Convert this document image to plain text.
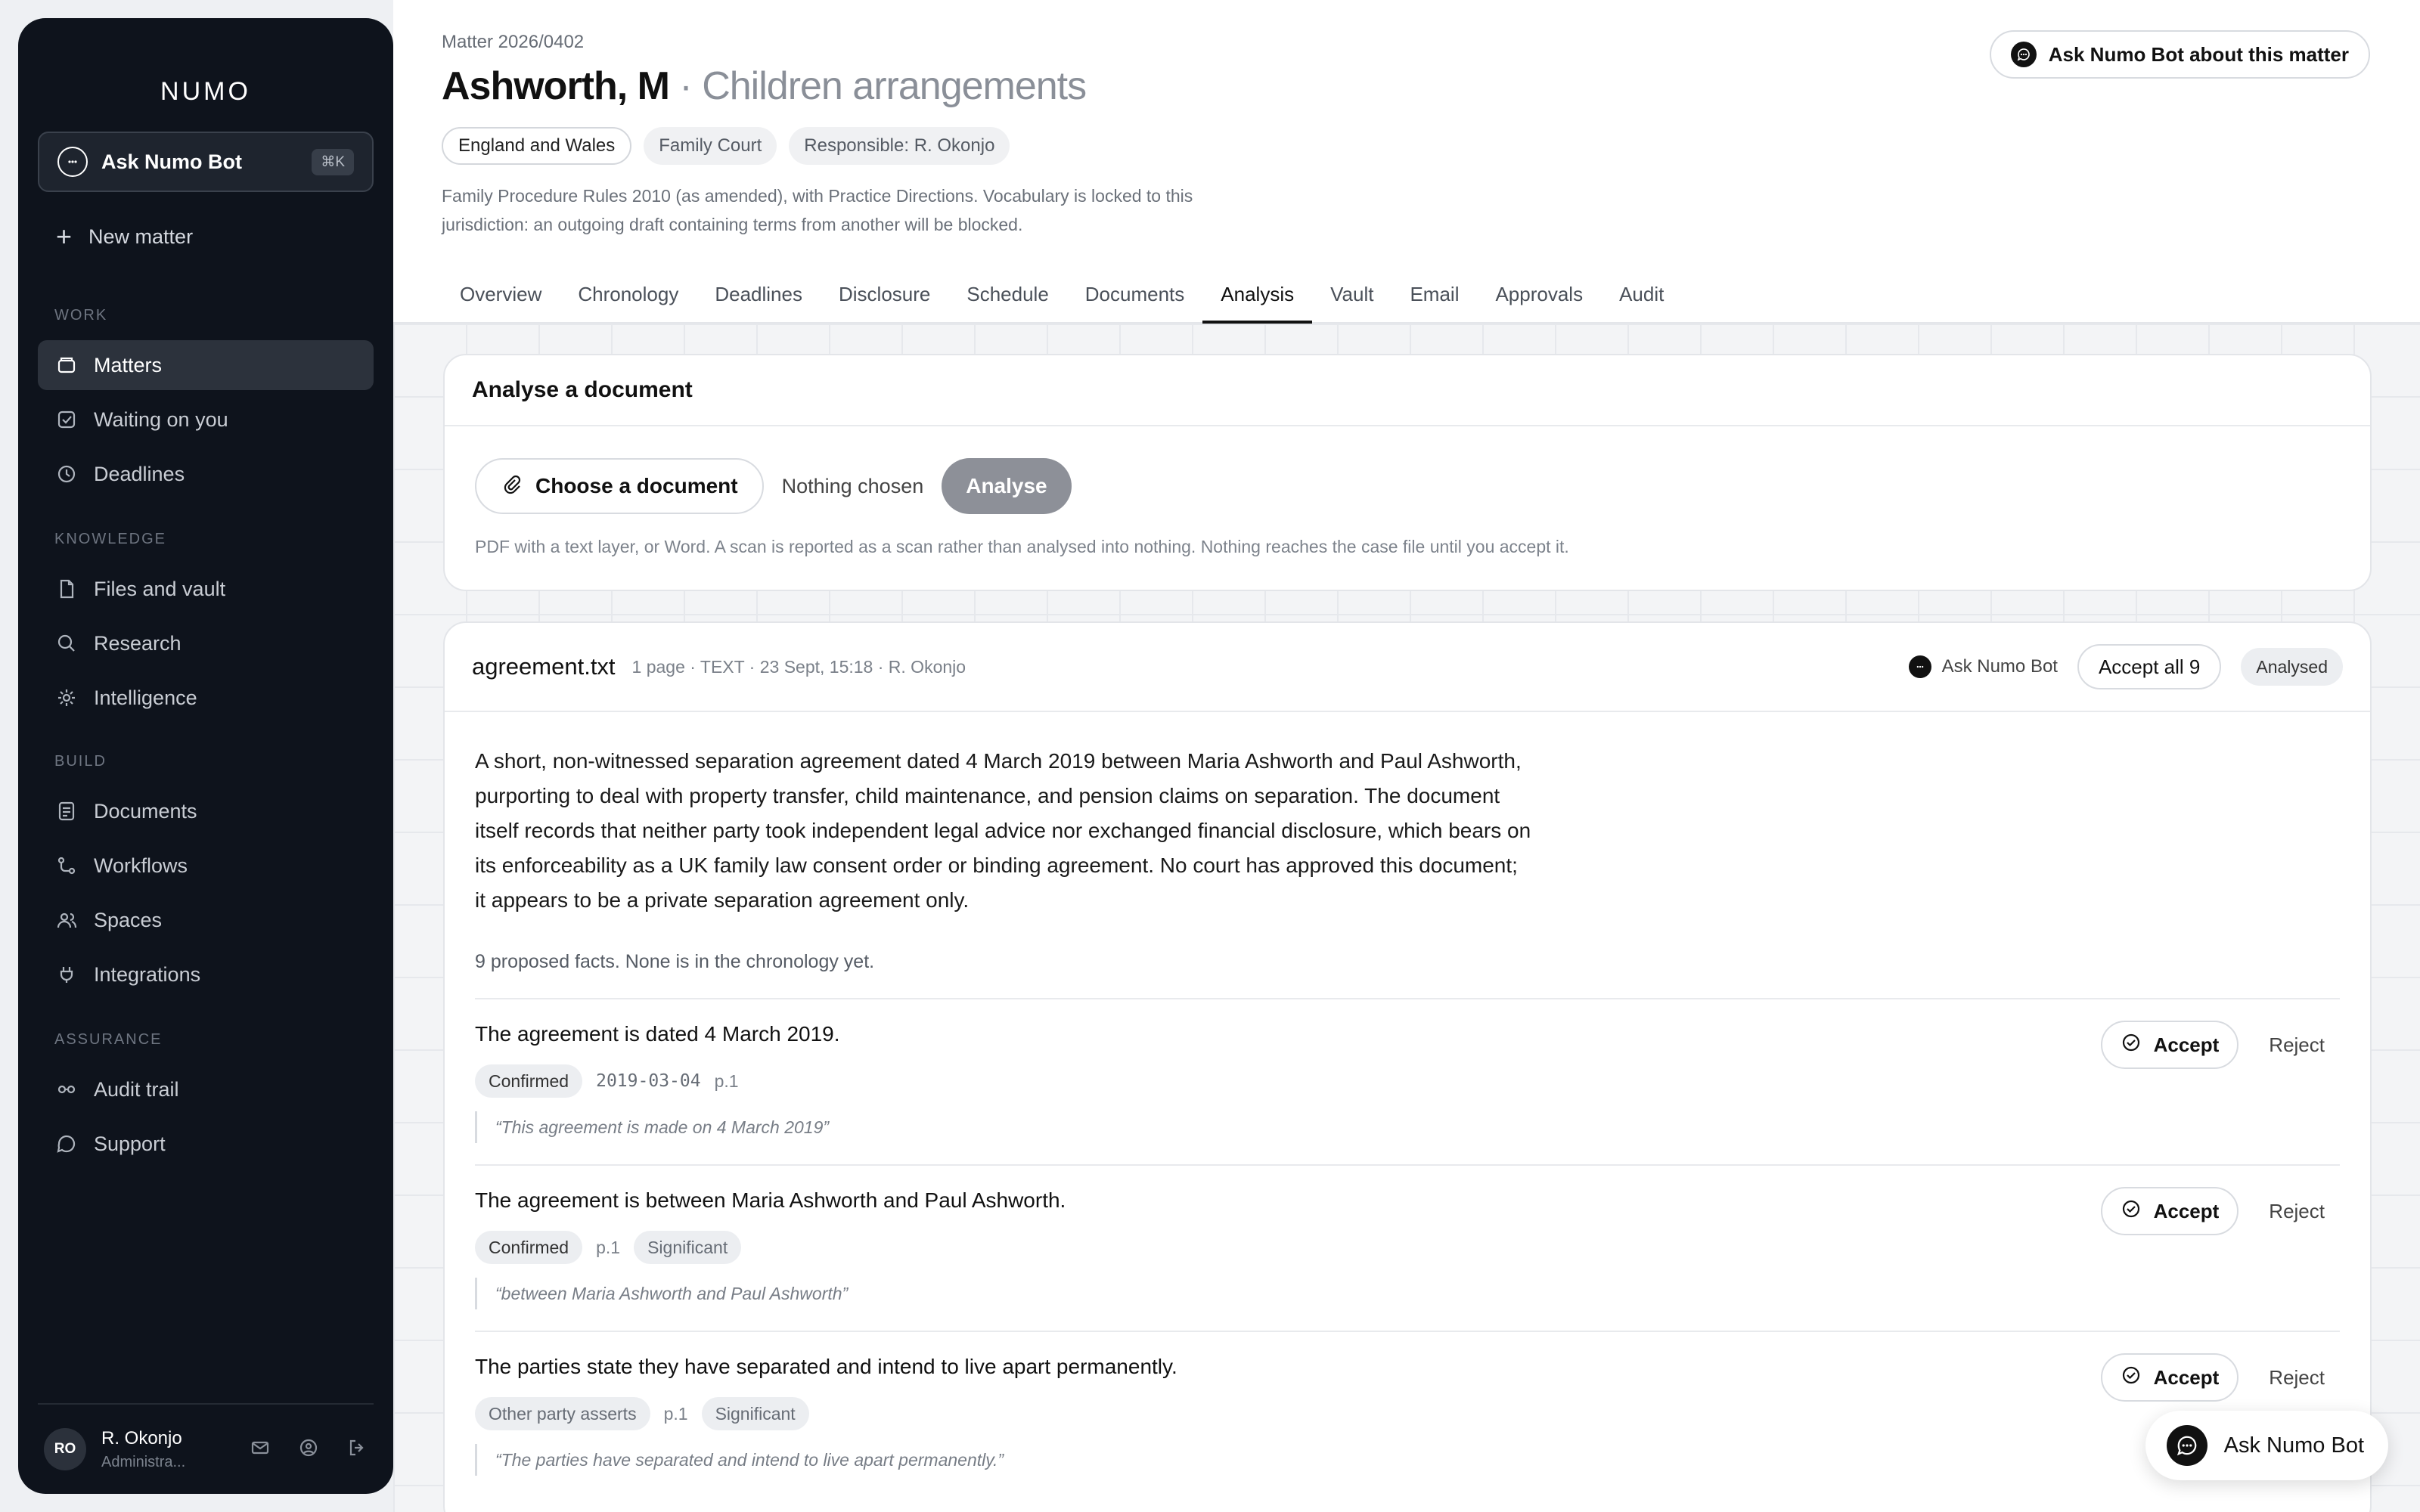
NUMO
Ask Numo Bot	⌘K
+ New matter
WORK
Matters
Waiting on you
Deadlines
KNOWLEDGE
Files and vault
Research
Intelligence
BUILD
Documents
Workflows
Spaces
Integrations
ASSURANCE
Audit trail
Support
RO
R. Okonjo
Administra...
Matter 2026/0402
Ashworth, M · Children arrangements
England and Wales	Family Court	Responsible: R. Okonjo
Family Procedure Rules 2010 (as amended), with Practice Directions. Vocabulary is locked to this jurisdiction: an outgoing draft containing terms from another will be blocked.
Ask Numo Bot about this matter
Overview	Chronology	Deadlines	Disclosure	Schedule	Documents	Analysis	Vault	Email	Approvals	Audit
Analyse a document
Choose a document Nothing chosen	Analyse
PDF with a text layer, or Word. A scan is reported as a scan rather than analysed into nothing. Nothing reaches the case file until you accept it.
agreement.txt 1 page · TEXT · 23 Sept, 15:18 · R. Okonjo	Ask Numo Bot	Accept all 9	Analysed

A short, non-witnessed separation agreement dated 4 March 2019 between Maria Ashworth and Paul Ashworth, purporting to deal with property transfer, child maintenance, and pension claims on separation. The document itself records that neither party took independent legal advice nor exchanged financial disclosure, which bears on its enforceability as a UK family law consent order or binding agreement. No court has approved this document; it appears to be a private separation agreement only.

9 proposed facts. None is in the chronology yet.
The agreement is dated 4 March 2019.
Confirmed	2019-03-04 p.1
“This agreement is made on 4 March 2019”
Accept	Reject
The agreement is between Maria Ashworth and Paul Ashworth.
Confirmed	p.1	Significant
“between Maria Ashworth and Paul Ashworth”
Accept	Reject
The parties state they have separated and intend to live apart permanently.
Other party asserts	p.1	Significant
“The parties have separated and intend to live apart permanently.”
Accept	Reject
Ask Numo Bot
